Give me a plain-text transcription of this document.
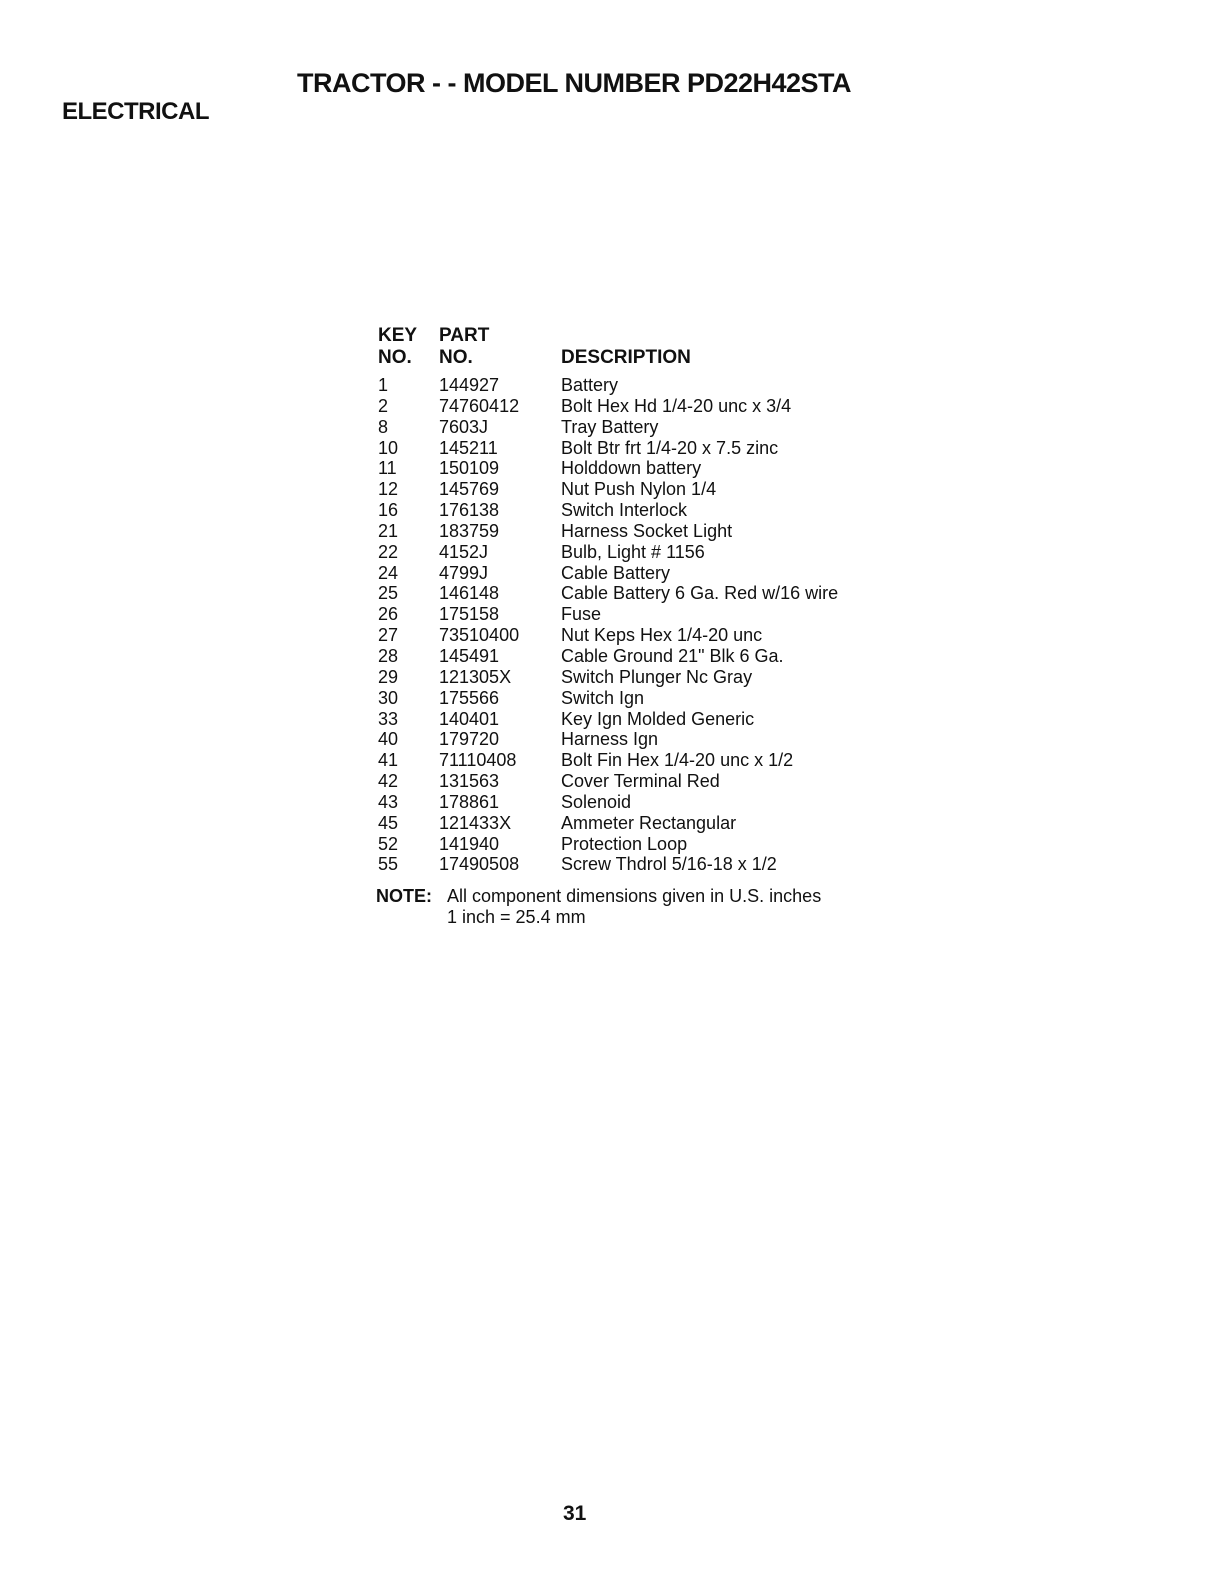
TRACTOR - - MODEL NUMBER PD22H42STA
ELECTRICAL
KEY	PART
NO.	NO.	DESCRIPTION
1	144927	Battery
2	74760412	Bolt Hex Hd 1/4-20 unc x 3/4
8	7603J	Tray Battery
10	145211	Bolt Btr frt 1/4-20 x 7.5 zinc
11	150109	Holddown battery
12	145769	Nut Push Nylon 1/4
16	176138	Switch Interlock
21	183759	Harness Socket Light
22	4152J	Bulb, Light # 1156
24	4799J	Cable Battery
25	146148	Cable Battery 6 Ga. Red w/16 wire
26	175158	Fuse
27	73510400	Nut Keps Hex 1/4-20 unc
28	145491	Cable Ground 21" Blk 6 Ga.
29	121305X	Switch Plunger Nc Gray
30	175566	Switch Ign
33	140401	Key Ign Molded Generic
40	179720	Harness Ign
41	71110408	Bolt Fin Hex 1/4-20 unc x 1/2
42	131563	Cover Terminal Red
43	178861	Solenoid
45	121433X	Ammeter Rectangular
52	141940	Protection Loop
55	17490508	Screw Thdrol 5/16-18 x 1/2
NOTE: All component dimensions given in U.S. inches
1 inch = 25.4 mm
31
